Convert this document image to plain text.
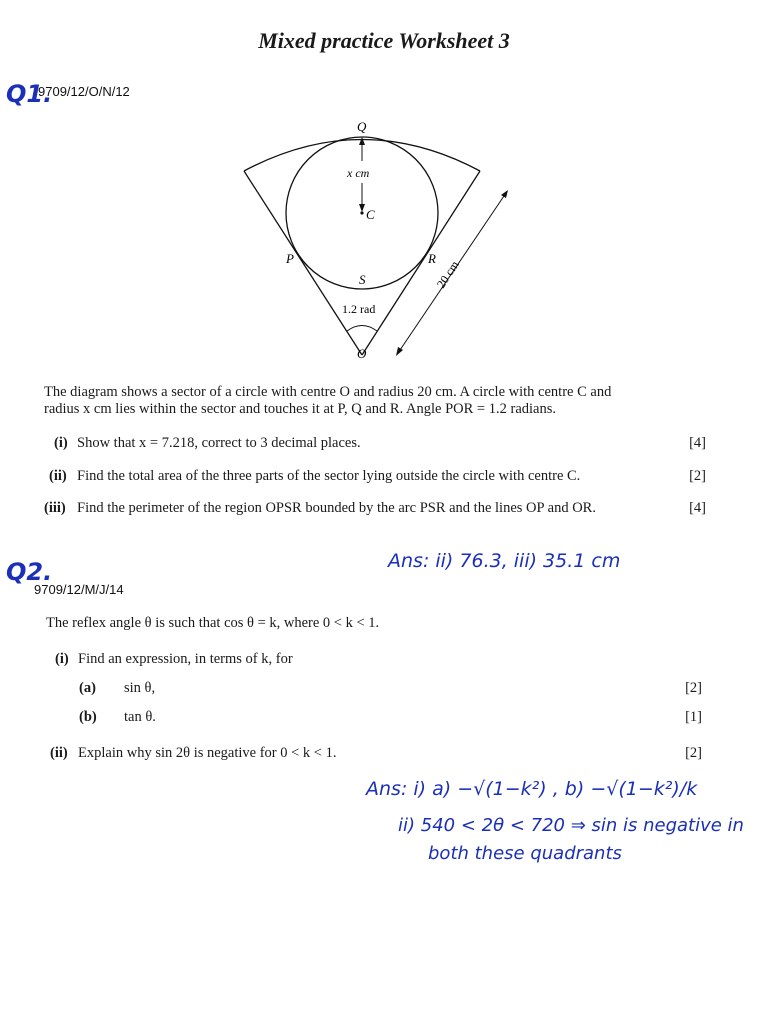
Mixed practice Worksheet 3
Q1.
9709/12/O/N/12
Q
x cm
C
P	R
S
1.2 rad
O
20 cm
The diagram shows a sector of a circle with centre O and radius 20 cm. A circle with centre C and
radius x cm lies within the sector and touches it at P, Q and R. Angle POR = 1.2 radians.
(i) Show that x = 7.218, correct to 3 decimal places.	[4]
(ii) Find the total area of the three parts of the sector lying outside the circle with centre C.	[2]
(iii) Find the perimeter of the region OPSR bounded by the arc PSR and the lines OP and OR.	[4]
Ans: ii) 76.3, iii) 35.1 cm
Q2.
9709/12/M/J/14
The reflex angle θ is such that cos θ = k, where 0 < k < 1.
(i) Find an expression, in terms of k, for
(a) sin θ,	[2]
(b) tan θ.	[1]
(ii) Explain why sin 2θ is negative for 0 < k < 1.	[2]
Ans: i) a) −√(1−k²) , b) −√(1−k²)/k
ii) 540 < 2θ < 720 ⇒ sin is negative in
both these quadrants
